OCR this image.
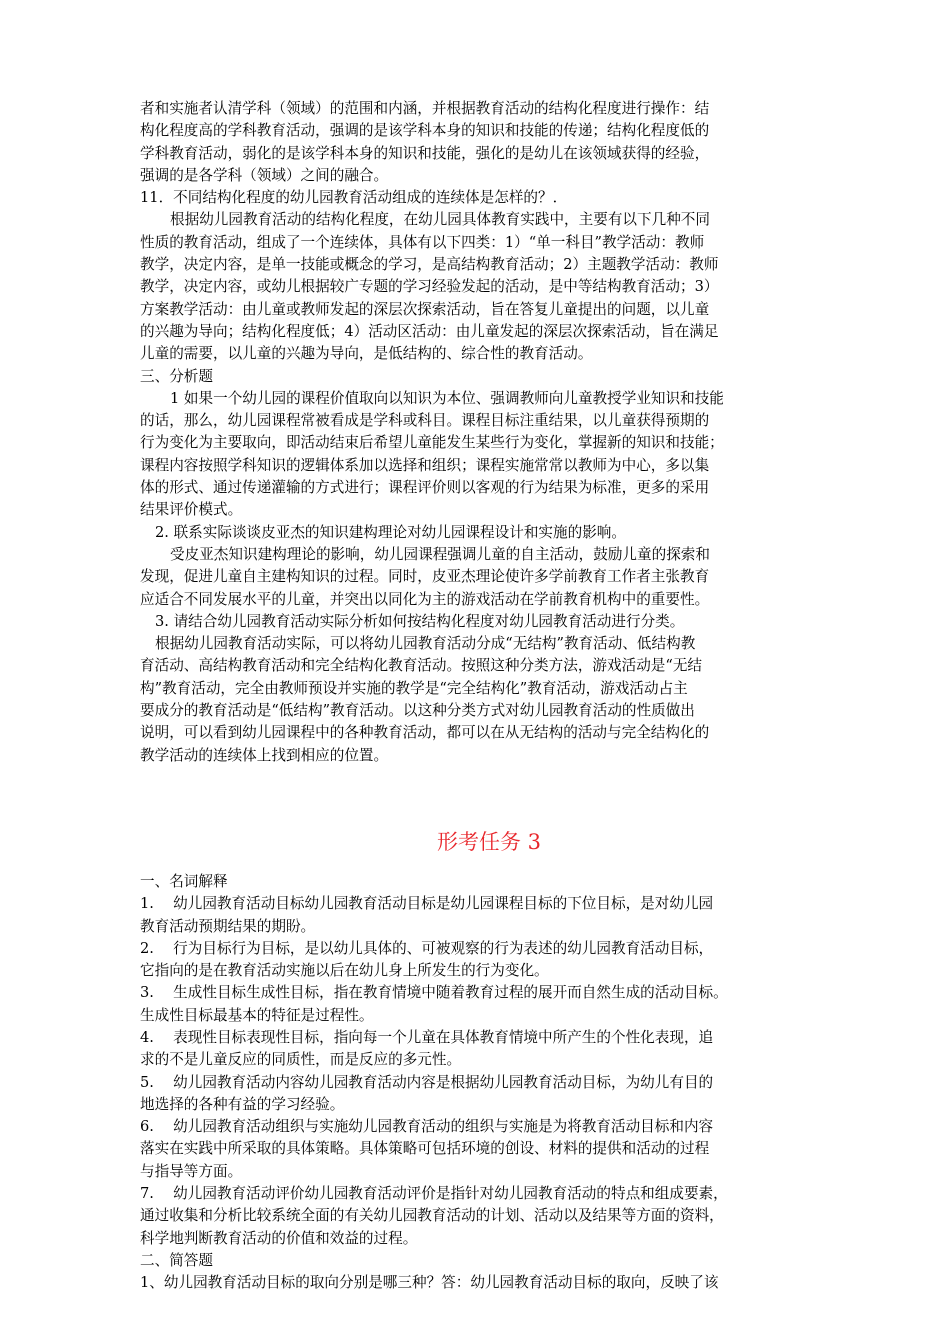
者和实施者认清学科（领域）的范围和内涵，并根据教育活动的结构化程度进行操作：结

构化程度高的学科教育活动，强调的是该学科本身的知识和技能的传递；结构化程度低的

学科教育活动，弱化的是该学科本身的知识和技能，强化的是幼儿在该领域获得的经验，

强调的是各学科（领域）之间的融合。

11．不同结构化程度的幼儿园教育活动组成的连续体是怎样的？．

根据幼儿园教育活动的结构化程度，在幼儿园具体教育实践中，主要有以下几种不同

性质的教育活动，组成了一个连续体，具体有以下四类：1）“单一科目”教学活动：教师

教学，决定内容，是单一技能或概念的学习，是高结构教育活动；2）主题教学活动：教师

教学，决定内容，或幼儿根据较广专题的学习经验发起的活动，是中等结构教育活动；3）

方案教学活动：由儿童或教师发起的深层次探索活动，旨在答复儿童提出的问题，以儿童

的兴趣为导向；结构化程度低；4）活动区活动：由儿童发起的深层次探索活动，旨在满足

儿童的需要，以儿童的兴趣为导向，是低结构的、综合性的教育活动。

三、分析题

1 如果一个幼儿园的课程价值取向以知识为本位、强调教师向儿童教授学业知识和技能

的话，那么，幼儿园课程常被看成是学科或科目。课程目标注重结果，以儿童获得预期的

行为变化为主要取向，即活动结束后希望儿童能发生某些行为变化，掌握新的知识和技能；

课程内容按照学科知识的逻辑体系加以选择和组织；课程实施常常以教师为中心，多以集

体的形式、通过传递灌输的方式进行；课程评价则以客观的行为结果为标准，更多的采用

结果评价模式。

2. 联系实际谈谈皮亚杰的知识建构理论对幼儿园课程设计和实施的影响。

受皮亚杰知识建构理论的影响，幼儿园课程强调儿童的自主活动，鼓励儿童的探索和

发现，促进儿童自主建构知识的过程。同时，皮亚杰理论使许多学前教育工作者主张教育

应适合不同发展水平的儿童，并突出以同化为主的游戏活动在学前教育机构中的重要性。

3. 请结合幼儿园教育活动实际分析如何按结构化程度对幼儿园教育活动进行分类。

根据幼儿园教育活动实际，可以将幼儿园教育活动分成“无结构”教育活动、低结构教

育活动、高结构教育活动和完全结构化教育活动。按照这种分类方法，游戏活动是“无结

构”教育活动，完全由教师预设并实施的教学是“完全结构化”教育活动，游戏活动占主

要成分的教育活动是“低结构”教育活动。以这种分类方式对幼儿园教育活动的性质做出

说明，可以看到幼儿园课程中的各种教育活动，都可以在从无结构的活动与完全结构化的

教学活动的连续体上找到相应的位置。

形考任务 3

一、名词解释

1.　 幼儿园教育活动目标幼儿园教育活动目标是幼儿园课程目标的下位目标，是对幼儿园

教育活动预期结果的期盼。

2.　 行为目标行为目标，是以幼儿具体的、可被观察的行为表述的幼儿园教育活动目标，

它指向的是在教育活动实施以后在幼儿身上所发生的行为变化。

3.　 生成性目标生成性目标，指在教育情境中随着教育过程的展开而自然生成的活动目标。

生成性目标最基本的特征是过程性。

4.　 表现性目标表现性目标，指向每一个儿童在具体教育情境中所产生的个性化表现，追

求的不是儿童反应的同质性，而是反应的多元性。

5.　 幼儿园教育活动内容幼儿园教育活动内容是根据幼儿园教育活动目标，为幼儿有目的

地选择的各种有益的学习经验。

6.　 幼儿园教育活动组织与实施幼儿园教育活动的组织与实施是为将教育活动目标和内容

落实在实践中所采取的具体策略。具体策略可包括环境的创设、材料的提供和活动的过程

与指导等方面。

7.　 幼儿园教育活动评价幼儿园教育活动评价是指针对幼儿园教育活动的特点和组成要素，

通过收集和分析比较系统全面的有关幼儿园教育活动的计划、活动以及结果等方面的资料，

科学地判断教育活动的价值和效益的过程。

二、简答题

1、幼儿园教育活动目标的取向分别是哪三种？答：幼儿园教育活动目标的取向，反映了该
